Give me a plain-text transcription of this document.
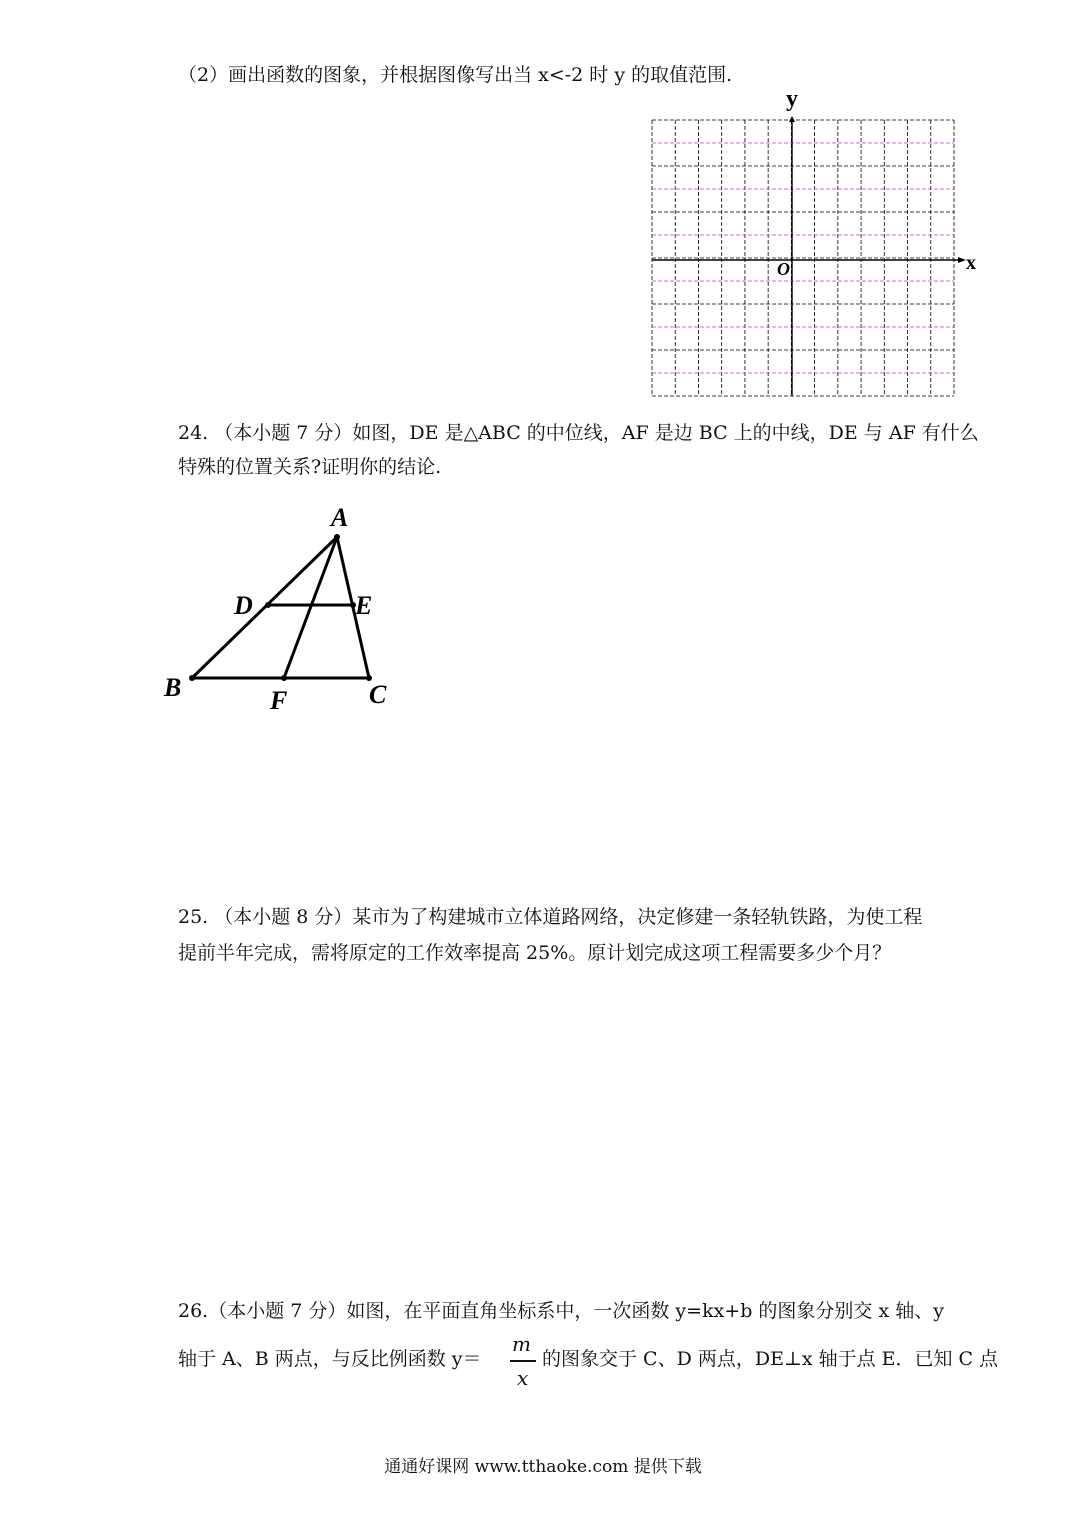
（2）画出函数的图象，并根据图像写出当 x<-2 时 y 的取值范围.
y
x
O
24. （本小题 7 分）如图，DE 是△ABC 的中位线，AF 是边 BC 上的中线，DE 与 AF 有什么
特殊的位置关系?证明你的结论.
A
B	C
D	E
F
25. （本小题 8 分）某市为了构建城市立体道路网络，决定修建一条轻轨铁路，为使工程
提前半年完成，需将原定的工作效率提高 25%。原计划完成这项工程需要多少个月？
26.（本小题 7 分）如图，在平面直角坐标系中，一次函数 y=kx+b 的图象分别交 x 轴、y
轴于 A、B 两点，与反比例函数 y＝
m
x
的图象交于 C、D 两点，DE⊥x 轴于点 E．已知 C 点
通通好课网 www.tthaoke.com 提供下载
